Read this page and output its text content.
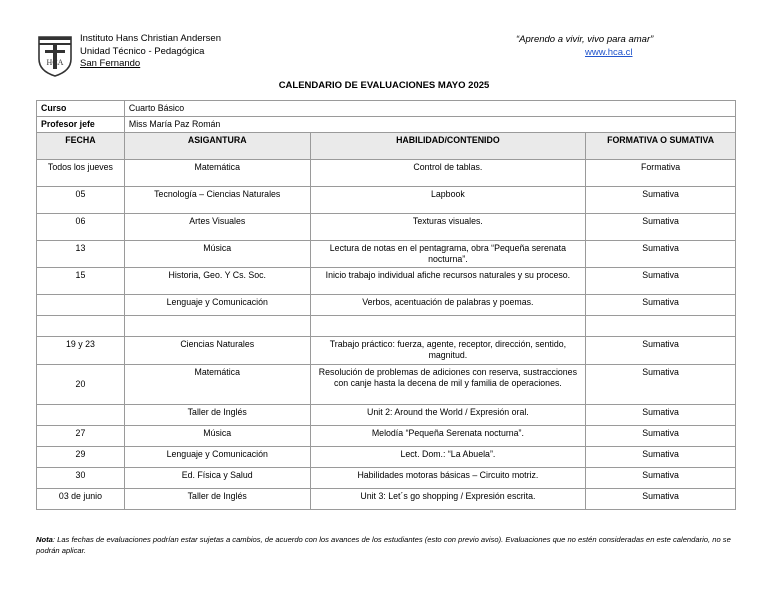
HCA
Instituto Hans Christian Andersen
Unidad Técnico - Pedagógica
San Fernando
“Aprendo a vivir, vivo para amar”
www.hca.cl
CALENDARIO DE EVALUACIONES MAYO 2025
Curso	Cuarto Básico		
Profesor jefe	Miss María Paz Román		
FECHA	ASIGANTURA	HABILIDAD/CONTENIDO	FORMATIVA O SUMATIVA
Todos los jueves	Matemática	Control de tablas.	Formativa
05	Tecnología – Ciencias Naturales	Lapbook	Sumativa
06	Artes Visuales	Texturas visuales.	Sumativa
13	Música	Lectura de notas en el pentagrama, obra “Pequeña serenata nocturna”.	Sumativa
15	Historia, Geo. Y Cs. Soc.	Inicio trabajo individual afiche recursos naturales y su proceso.	Sumativa
	Lenguaje y Comunicación	Verbos, acentuación de palabras y poemas.	Sumativa

19 y 23	Ciencias Naturales	Trabajo práctico: fuerza, agente, receptor, dirección, sentido, magnitud.	Sumativa
20	Matemática	Resolución de problemas de adiciones con reserva, sustracciones con canje hasta la decena de mil y familia de operaciones.	Sumativa
	Taller de Inglés	Unit 2: Around the World / Expresión oral.	Sumativa
27	Música	Melodía “Pequeña Serenata nocturna”.	Sumativa
29	Lenguaje y Comunicación	Lect. Dom.: “La Abuela”.	Sumativa
30	Ed. Física y Salud	Habilidades motoras básicas – Circuito motriz.	Sumativa
03 de junio	Taller de Inglés	Unit 3: Let´s go shopping / Expresión escrita.	Sumativa
Nota: Las fechas de evaluaciones podrían estar sujetas a cambios, de acuerdo con los avances de los estudiantes (esto con previo aviso). Evaluaciones que no estén consideradas en este calendario, no se podrán aplicar.
